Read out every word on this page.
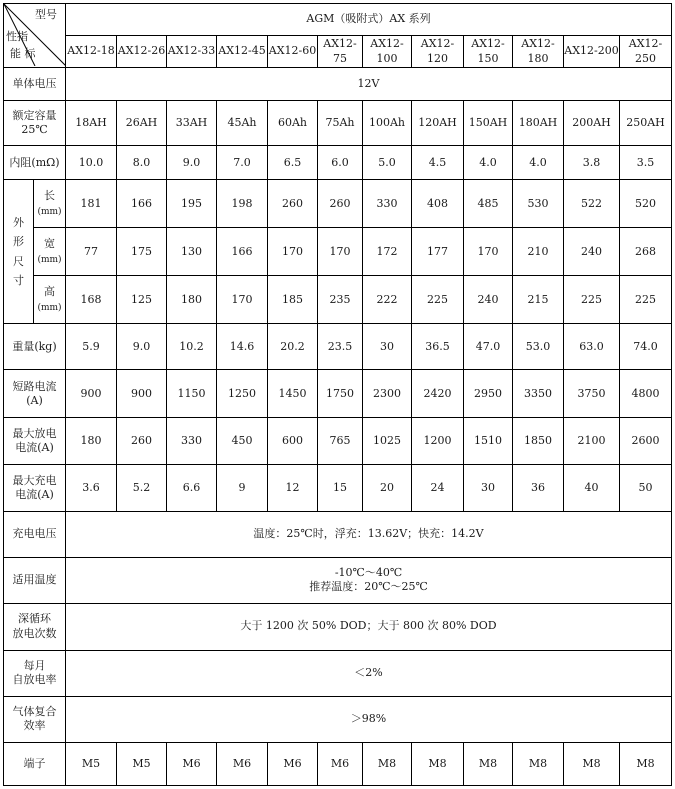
型号
性指
能 标		AGM（吸附式）AX 系列											
		AX12-18	AX12-26	AX12-33	AX12-45	AX12-60	AX12-75	AX12-100	AX12-120	AX12-150	AX12-180	AX12-200	AX12-250
单体电压		12V											
额定容量
25℃		18AH	26AH	33AH	45Ah	60Ah	75Ah	100Ah	120AH	150AH	180AH	200AH	250AH
内阻(mΩ)		10.0	8.0	9.0	7.0	6.5	6.0	5.0	4.5	4.0	4.0	3.8	3.5

外
形
尺
寸	长
(mm)	181	166	195	198	260	260	330	408	485	530	522	520
	宽
(mm)	77	175	130	166	170	170	172	177	170	210	240	268
	高
(mm)	168	125	180	170	185	235	222	225	240	215	225	225
重量(kg)		5.9	9.0	10.2	14.6	20.2	23.5	30	36.5	47.0	53.0	63.0	74.0
短路电流
(A)		900	900	1150	1250	1450	1750	2300	2420	2950	3350	3750	4800
最大放电
电流(A)		180	260	330	450	600	765	1025	1200	1510	1850	2100	2600
最大充电
电流(A)		3.6	5.2	6.6	9	12	15	20	24	30	36	40	50
充电电压		温度：25℃时，浮充：13.62V；快充：14.2V											
适用温度		-10℃～40℃
推荐温度：20℃～25℃											
深循环
放电次数		大于 1200 次 50% DOD；大于 800 次 80% DOD											
每月
自放电率		＜2%											
气体复合
效率		＞98%											
端子		M5	M5	M6	M6	M6	M6	M8	M8	M8	M8	M8	M8
